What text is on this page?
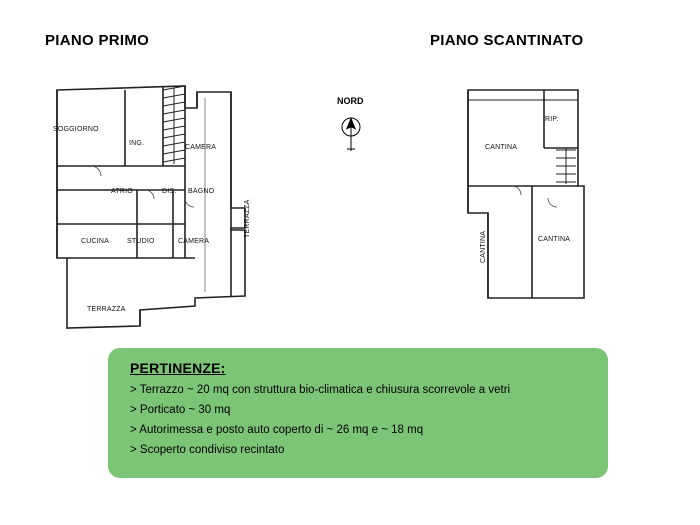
PIANO PRIMO	PIANO SCANTINATO
NORD
SOGGIORNO
ING.
CAMERA
ATRIO	DIS. BAGNO
TERRAZZA
CUCINA	STUDIO	CAMERA
TERRAZZA
RIP.
CANTINA
CANTINA	CANTINA
PERTINENZE:
> Terrazzo ~ 20 mq con struttura bio-climatica e chiusura scorrevole a vetri
> Porticato ~ 30 mq
> Autorimessa e posto auto coperto di ~ 26 mq e ~ 18 mq
> Scoperto condiviso recintato
